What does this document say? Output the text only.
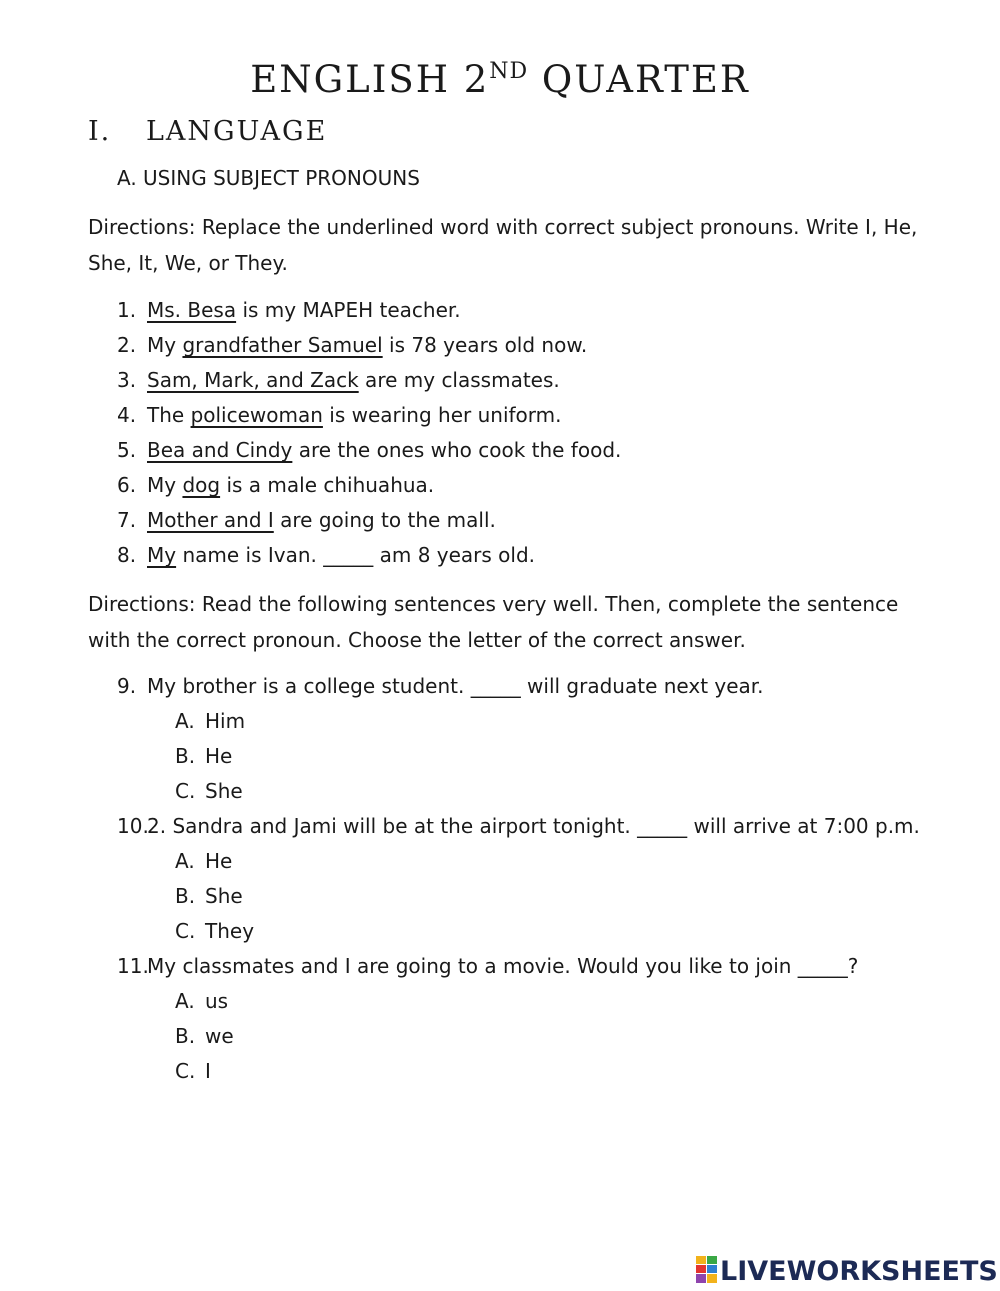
ENGLISH 2ND QUARTER
I. LANGUAGE
A. USING SUBJECT PRONOUNS
Directions: Replace the underlined word with correct subject pronouns. Write I, He, She, It, We, or They.
1. Ms. Besa is my MAPEH teacher.
2. My grandfather Samuel is 78 years old now.
3. Sam, Mark, and Zack are my classmates.
4. The policewoman is wearing her uniform.
5. Bea and Cindy are the ones who cook the food.
6. My dog is a male chihuahua.
7. Mother and I are going to the mall.
8. My name is Ivan. _____ am 8 years old.
Directions: Read the following sentences very well. Then, complete the sentence with the correct pronoun. Choose the letter of the correct answer.
9. My brother is a college student. _____ will graduate next year.
A. Him
B. He
C. She
10.2. Sandra and Jami will be at the airport tonight. _____ will arrive at 7:00 p.m.
A. He
B. She
C. They
11.My classmates and I are going to a movie. Would you like to join _____?
A. us
B. we
C. I
LIVEWORKSHEETS
